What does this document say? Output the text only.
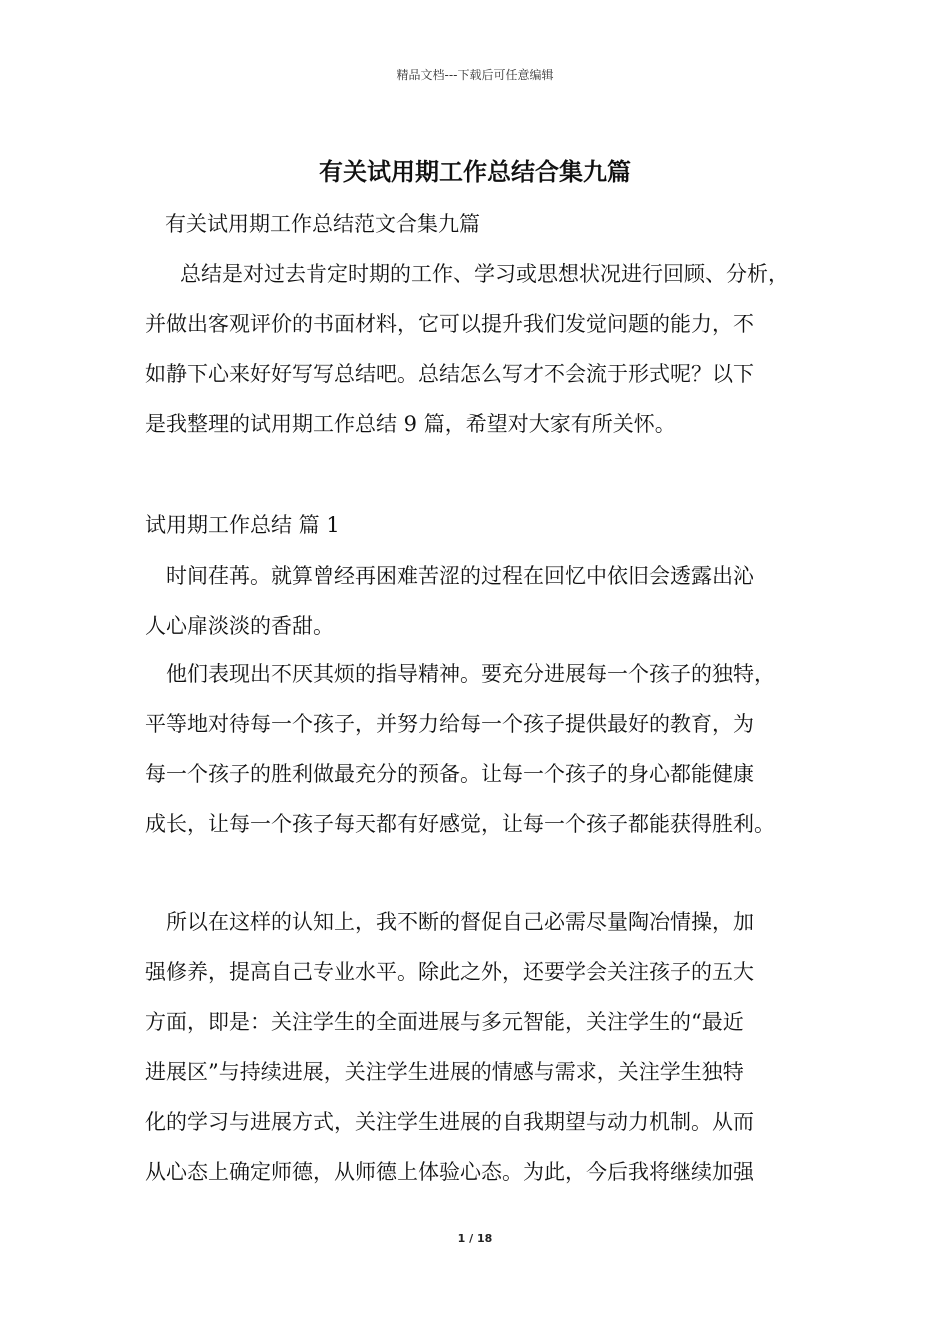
精品文档---下载后可任意编辑
有关试用期工作总结合集九篇
有关试用期工作总结范文合集九篇
总结是对过去肯定时期的工作、学习或思想状况进行回顾、分析，
并做出客观评价的书面材料，它可以提升我们发觉问题的能力，不
如静下心来好好写写总结吧。总结怎么写才不会流于形式呢？以下
是我整理的试用期工作总结 9 篇，希望对大家有所关怀。
试用期工作总结 篇 1
时间荏苒。就算曾经再困难苦涩的过程在回忆中依旧会透露出沁
人心扉淡淡的香甜。
他们表现出不厌其烦的指导精神。要充分进展每一个孩子的独特，
平等地对待每一个孩子，并努力给每一个孩子提供最好的教育，为
每一个孩子的胜利做最充分的预备。让每一个孩子的身心都能健康
成长，让每一个孩子每天都有好感觉，让每一个孩子都能获得胜利。
所以在这样的认知上，我不断的督促自己必需尽量陶冶情操，加
强修养，提高自己专业水平。除此之外，还要学会关注孩子的五大
方面，即是：关注学生的全面进展与多元智能，关注学生的“最近
进展区”与持续进展，关注学生进展的情感与需求，关注学生独特
化的学习与进展方式，关注学生进展的自我期望与动力机制。从而
从心态上确定师德，从师德上体验心态。为此，今后我将继续加强
1 / 18
